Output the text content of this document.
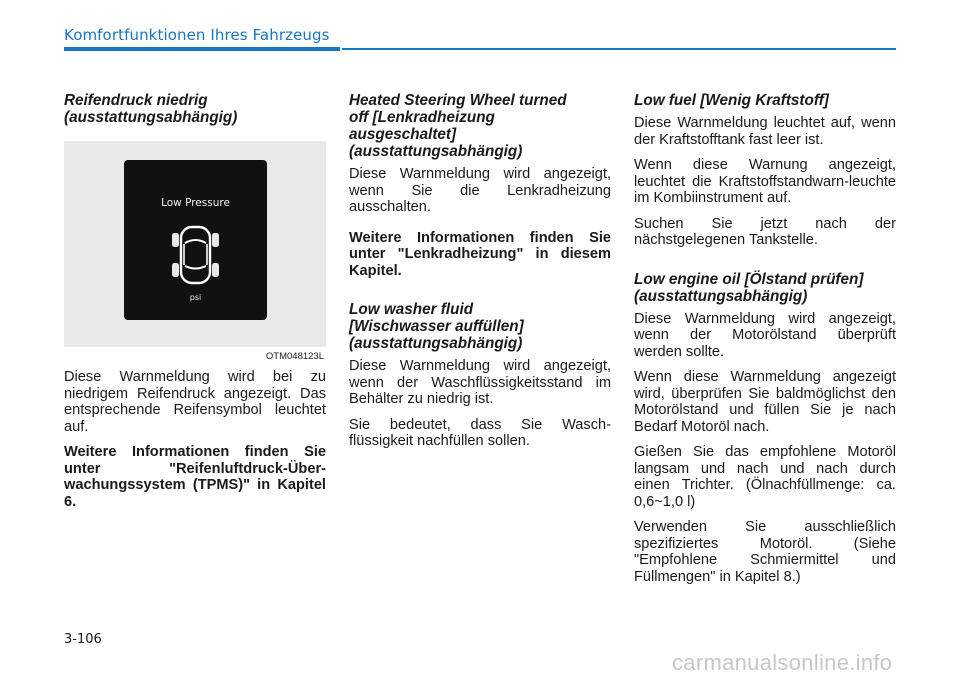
Komfortfunktionen Ihres Fahrzeugs
Reifendruck niedrig
(ausstattungsabhängig)
Low Pressure
psi
OTM048123L

Diese Warnmeldung wird bei zu niedrigem Reifendruck angezeigt. Das entsprechende Reifensymbol leuchtet auf.

Weitere Informationen finden Sie unter "Reifenluftdruck-Über-wachungssystem (TPMS)" in Kapitel 6.

Heated Steering Wheel turned
off [Lenkradheizung
ausgeschaltet]
(ausstattungsabhängig)

Diese Warnmeldung wird angezeigt, wenn Sie die Lenkradheizung ausschalten.

Weitere Informationen finden Sie unter "Lenkradheizung" in diesem Kapitel.

Low washer fluid
[Wischwasser auffüllen]
(ausstattungsabhängig)

Diese Warnmeldung wird angezeigt, wenn der Waschflüssigkeitsstand im Behälter zu niedrig ist.

Sie bedeutet, dass Sie Wasch-flüssigkeit nachfüllen sollen.

Low fuel [Wenig Kraftstoff]

Diese Warnmeldung leuchtet auf, wenn der Kraftstofftank fast leer ist.

Wenn diese Warnung angezeigt, leuchtet die Kraftstoffstandwarn-leuchte im Kombiinstrument auf.

Suchen Sie jetzt nach der nächstgelegenen Tankstelle.

Low engine oil [Ölstand prüfen]
(ausstattungsabhängig)

Diese Warnmeldung wird angezeigt, wenn der Motorölstand überprüft werden sollte.

Wenn diese Warnmeldung angezeigt wird, überprüfen Sie baldmöglichst den Motorölstand und füllen Sie je nach Bedarf Motoröl nach.

Gießen Sie das empfohlene Motoröl langsam und nach und nach durch einen Trichter. (Ölnachfüllmenge: ca. 0,6~1,0 l)

Verwenden Sie ausschließlich spezifiziertes Motoröl. (Siehe "Empfohlene Schmiermittel und Füllmengen" in Kapitel 8.)

3-106
carmanualsonline.info
